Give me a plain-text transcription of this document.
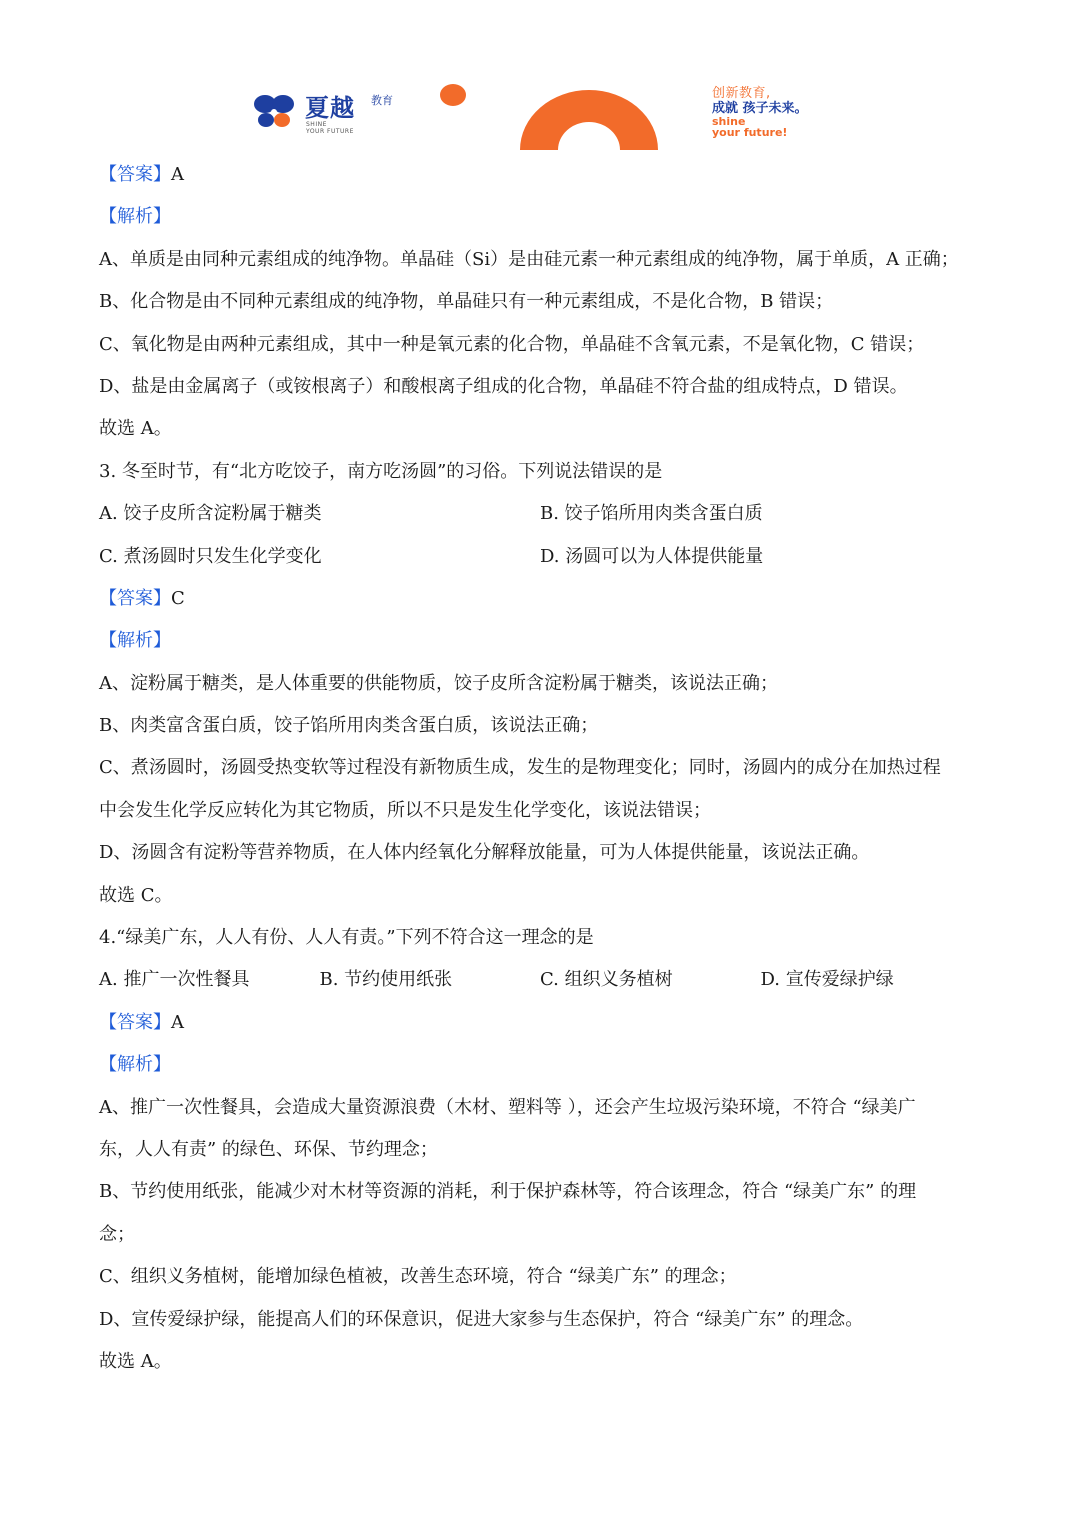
夏越 教育
SHINE
YOUR FUTURE
创新教育,
成就 孩子未来。
shine
your future!
【答案】A
【解析】
A、单质是由同种元素组成的纯净物。单晶硅（Si）是由硅元素一种元素组成的纯净物，属于单质，A 正确；
B、化合物是由不同种元素组成的纯净物，单晶硅只有一种元素组成，不是化合物，B 错误；
C、氧化物是由两种元素组成，其中一种是氧元素的化合物，单晶硅不含氧元素，不是氧化物，C 错误；
D、盐是由金属离子（或铵根离子）和酸根离子组成的化合物，单晶硅不符合盐的组成特点，D 错误。
故选 A。
3. 冬至时节，有“北方吃饺子，南方吃汤圆”的习俗。下列说法错误的是
A. 饺子皮所含淀粉属于糖类	B. 饺子馅所用肉类含蛋白质
C. 煮汤圆时只发生化学变化	D. 汤圆可以为人体提供能量
【答案】C
【解析】
A、淀粉属于糖类，是人体重要的供能物质，饺子皮所含淀粉属于糖类，该说法正确；
B、肉类富含蛋白质，饺子馅所用肉类含蛋白质，该说法正确；
C、煮汤圆时，汤圆受热变软等过程没有新物质生成，发生的是物理变化；同时，汤圆内的成分在加热过程
中会发生化学反应转化为其它物质，所以不只是发生化学变化，该说法错误；
D、汤圆含有淀粉等营养物质，在人体内经氧化分解释放能量，可为人体提供能量，该说法正确。
故选 C。
4.“绿美广东，人人有份、人人有责。”下列不符合这一理念的是
A. 推广一次性餐具	B. 节约使用纸张	C. 组织义务植树	D. 宣传爱绿护绿
【答案】A
【解析】
A、推广一次性餐具，会造成大量资源浪费（木材、塑料等 ），还会产生垃圾污染环境，不符合 “绿美广
东，人人有责” 的绿色、环保、节约理念；
B、节约使用纸张，能减少对木材等资源的消耗，利于保护森林等，符合该理念，符合 “绿美广东” 的理
念；
C、组织义务植树，能增加绿色植被，改善生态环境，符合 “绿美广东” 的理念；
D、宣传爱绿护绿，能提高人们的环保意识，促进大家参与生态保护，符合 “绿美广东” 的理念。
故选 A。
